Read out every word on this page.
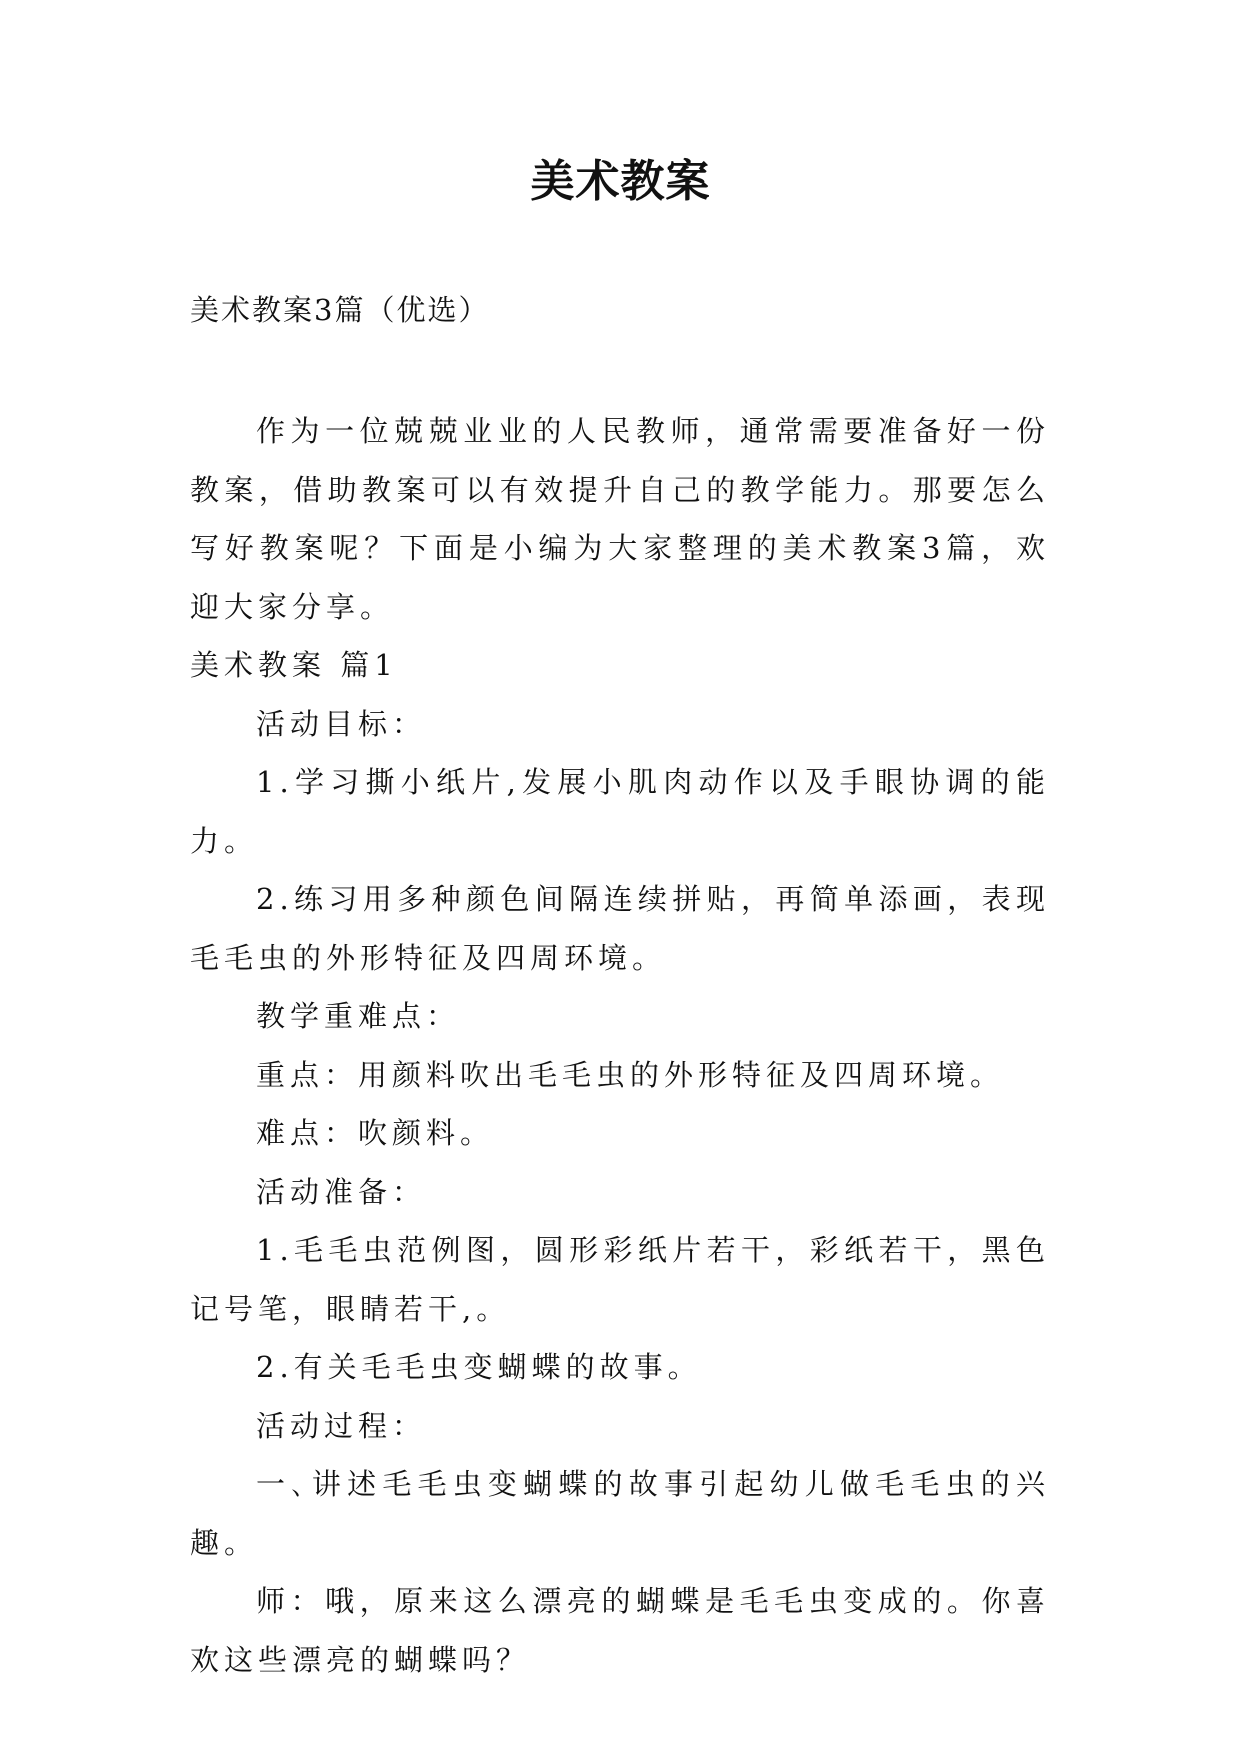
美术教案
美术教案3篇（优选）

作为一位兢兢业业的人民教师，通常需要准备好一份教案，借助教案可以有效提升自己的教学能力。那要怎么写好教案呢？下面是小编为大家整理的美术教案3篇，欢迎大家分享。

美术教案 篇1

活动目标：

1.学习撕小纸片,发展小肌肉动作以及手眼协调的能力。

2.练习用多种颜色间隔连续拼贴，再简单添画，表现毛毛虫的外形特征及四周环境。

教学重难点：

重点：用颜料吹出毛毛虫的外形特征及四周环境。

难点：吹颜料。

活动准备：

1.毛毛虫范例图，圆形彩纸片若干，彩纸若干，黑色记号笔，眼睛若干,。

2.有关毛毛虫变蝴蝶的故事。

活动过程：

一､讲述毛毛虫变蝴蝶的故事引起幼儿做毛毛虫的兴趣。

师：哦，原来这么漂亮的蝴蝶是毛毛虫变成的。你喜欢这些漂亮的蝴蝶吗？
